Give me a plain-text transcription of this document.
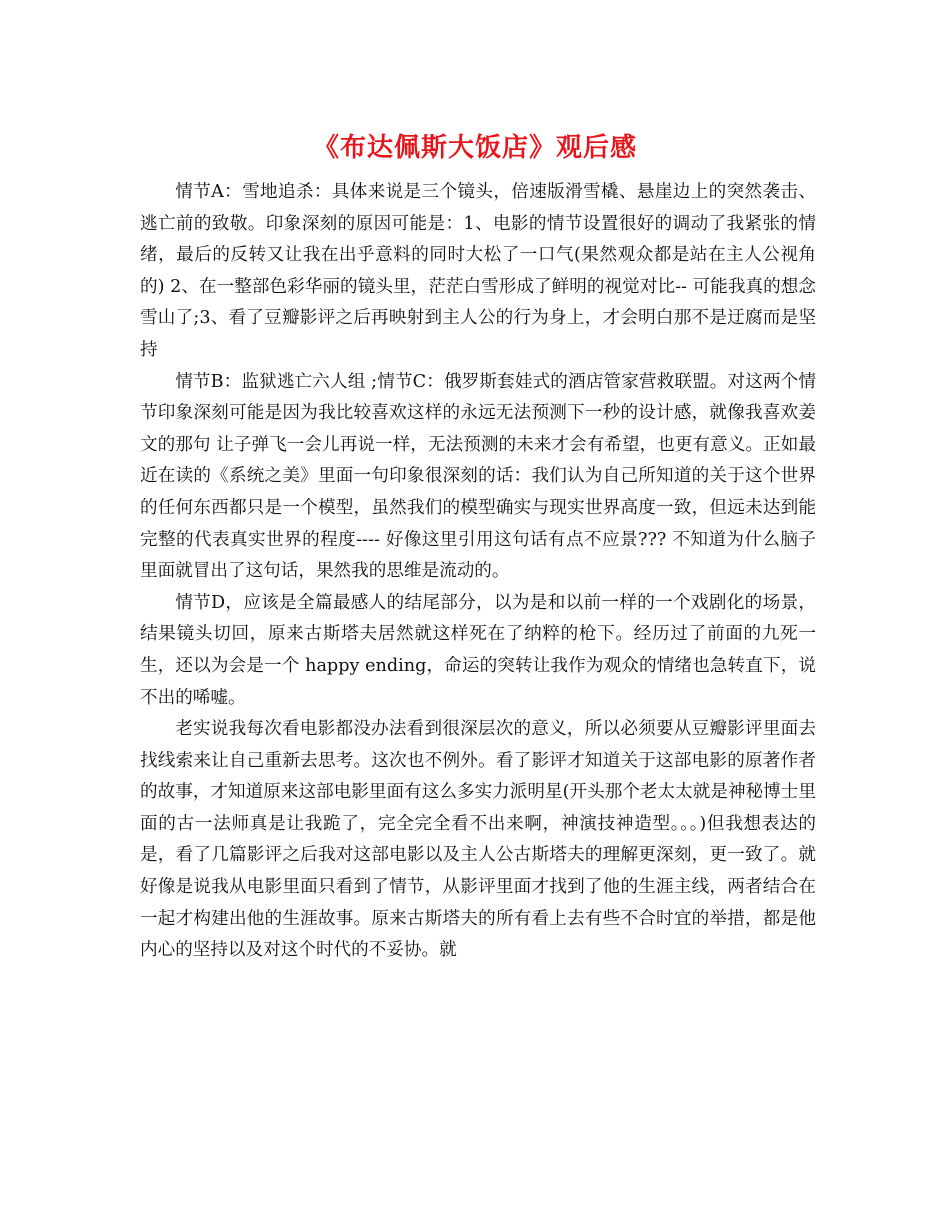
《布达佩斯大饭店》观后感

情节A：雪地追杀：具体来说是三个镜头，倍速版滑雪橇、悬崖边上的突然袭击、逃亡前的致敬。印象深刻的原因可能是：1、电影的情节设置很好的调动了我紧张的情绪，最后的反转又让我在出乎意料的同时大松了一口气(果然观众都是站在主人公视角的) 2、在一整部色彩华丽的镜头里，茫茫白雪形成了鲜明的视觉对比-- 可能我真的想念雪山了;3、看了豆瓣影评之后再映射到主人公的行为身上，才会明白那不是迂腐而是坚持

情节B：监狱逃亡六人组 ;情节C：俄罗斯套娃式的酒店管家营救联盟。对这两个情节印象深刻可能是因为我比较喜欢这样的永远无法预测下一秒的设计感，就像我喜欢姜文的那句 让子弹飞一会儿再说一样，无法预测的未来才会有希望，也更有意义。正如最近在读的《系统之美》里面一句印象很深刻的话：我们认为自己所知道的关于这个世界的任何东西都只是一个模型，虽然我们的模型确实与现实世界高度一致，但远未达到能完整的代表真实世界的程度---- 好像这里引用这句话有点不应景??? 不知道为什么脑子里面就冒出了这句话，果然我的思维是流动的。

情节D，应该是全篇最感人的结尾部分，以为是和以前一样的一个戏剧化的场景，结果镜头切回，原来古斯塔夫居然就这样死在了纳粹的枪下。经历过了前面的九死一生，还以为会是一个 happy ending，命运的突转让我作为观众的情绪也急转直下，说不出的唏嘘。

老实说我每次看电影都没办法看到很深层次的意义，所以必须要从豆瓣影评里面去找线索来让自己重新去思考。这次也不例外。看了影评才知道关于这部电影的原著作者的故事，才知道原来这部电影里面有这么多实力派明星(开头那个老太太就是神秘博士里面的古一法师真是让我跪了，完全完全看不出来啊，神演技神造型。。。)但我想表达的是，看了几篇影评之后我对这部电影以及主人公古斯塔夫的理解更深刻，更一致了。就好像是说我从电影里面只看到了情节，从影评里面才找到了他的生涯主线，两者结合在一起才构建出他的生涯故事。原来古斯塔夫的所有看上去有些不合时宜的举措，都是他内心的坚持以及对这个时代的不妥协。就
